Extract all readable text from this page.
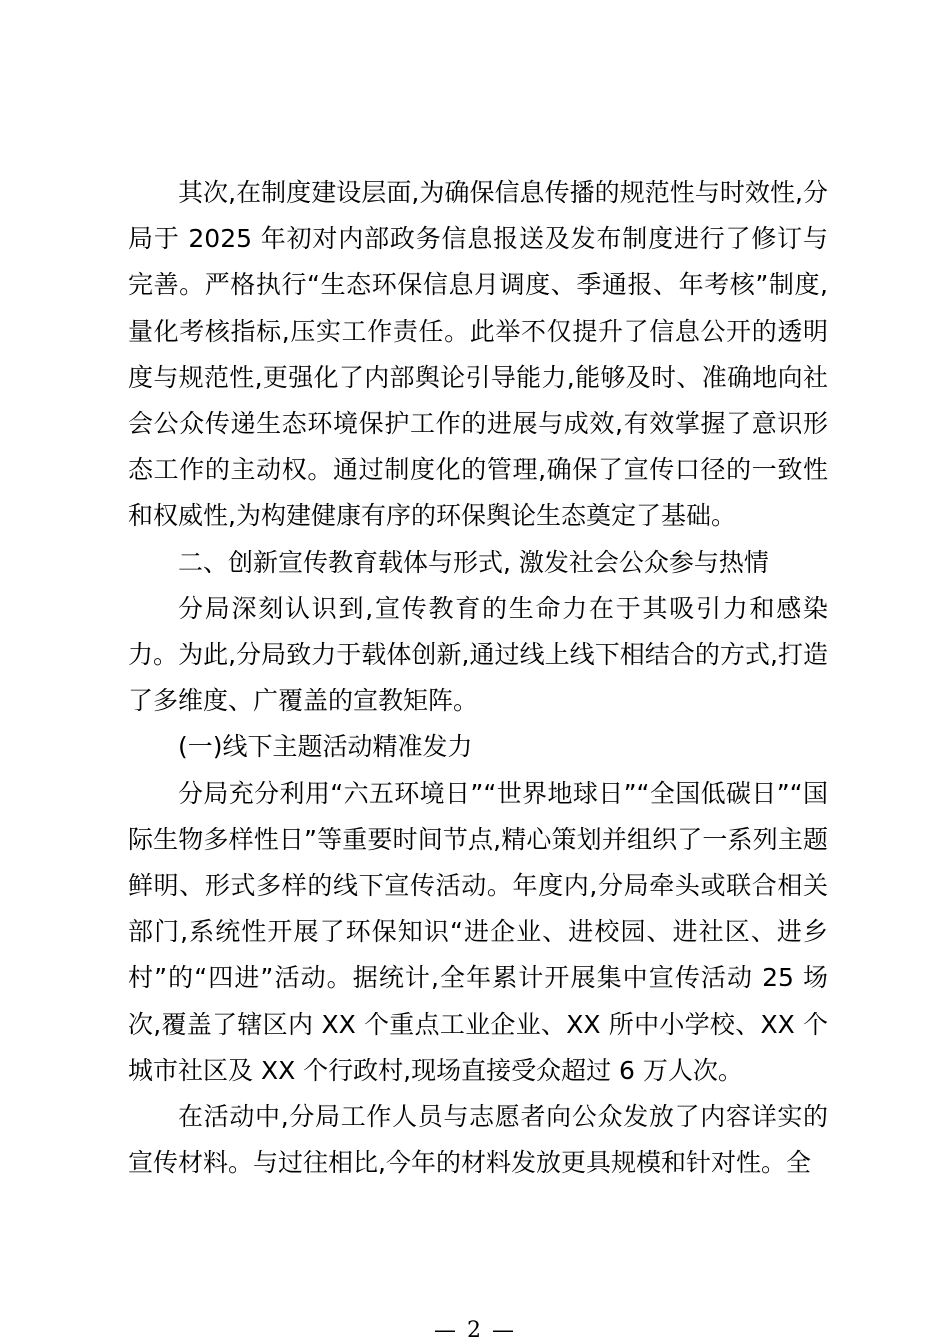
其次,在制度建设层面,为确保信息传播的规范性与时效性,分局于 2025 年初对内部政务信息报送及发布制度进行了修订与完善。严格执行“生态环保信息月调度、季通报、年考核”制度,量化考核指标,压实工作责任。此举不仅提升了信息公开的透明度与规范性,更强化了内部舆论引导能力,能够及时、准确地向社会公众传递生态环境保护工作的进展与成效,有效掌握了意识形态工作的主动权。通过制度化的管理,确保了宣传口径的一致性和权威性,为构建健康有序的环保舆论生态奠定了基础。

二、创新宣传教育载体与形式, 激发社会公众参与热情

分局深刻认识到,宣传教育的生命力在于其吸引力和感染力。为此,分局致力于载体创新,通过线上线下相结合的方式,打造了多维度、广覆盖的宣教矩阵。

(一)线下主题活动精准发力

分局充分利用“六五环境日”“世界地球日”“全国低碳日”“国际生物多样性日”等重要时间节点,精心策划并组织了一系列主题鲜明、形式多样的线下宣传活动。年度内,分局牵头或联合相关部门,系统性开展了环保知识“进企业、进校园、进社区、进乡村”的“四进”活动。据统计,全年累计开展集中宣传活动 25 场次,覆盖了辖区内 XX 个重点工业企业、XX 所中小学校、XX 个城市社区及 XX 个行政村,现场直接受众超过 6 万人次。

在活动中,分局工作人员与志愿者向公众发放了内容详实的宣传材料。与过往相比,今年的材料发放更具规模和针对性。全

— 2 —
